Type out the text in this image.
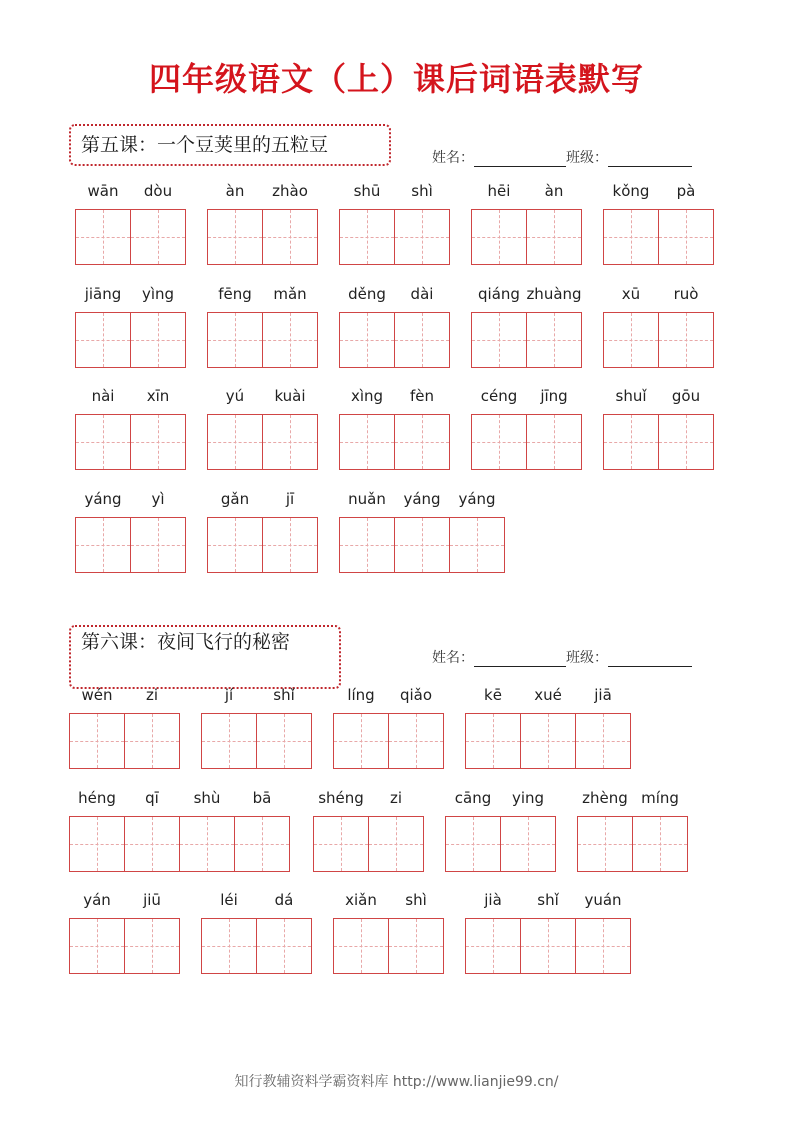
四年级语文（上）课后词语表默写
第五课：一个豆荚里的五粒豆
姓名：	班级：
wān	dòu	àn	zhào	shū	shì	hēi	àn	kǒng	pà
jiāng	yìng	fēng	mǎn	děng	dài	qiáng zhuàng	xū	ruò
nài	xīn	yú	kuài	xìng	fèn	céng	jīng	shuǐ	gōu
yáng	yì	gǎn	jī	nuǎn	yáng	yáng
第六课：夜间飞行的秘密
姓名：	班级：
wén	zi	jí	shǐ	líng	qiǎo	kē	xué	jiā
héng	qī	shù	bā	shéng	zi	cāng	ying	zhèng míng
yán	jiū	léi	dá	xiǎn	shì	jià	shǐ	yuán
知行教辅资料学霸资料库 http://www.lianjie99.cn/
